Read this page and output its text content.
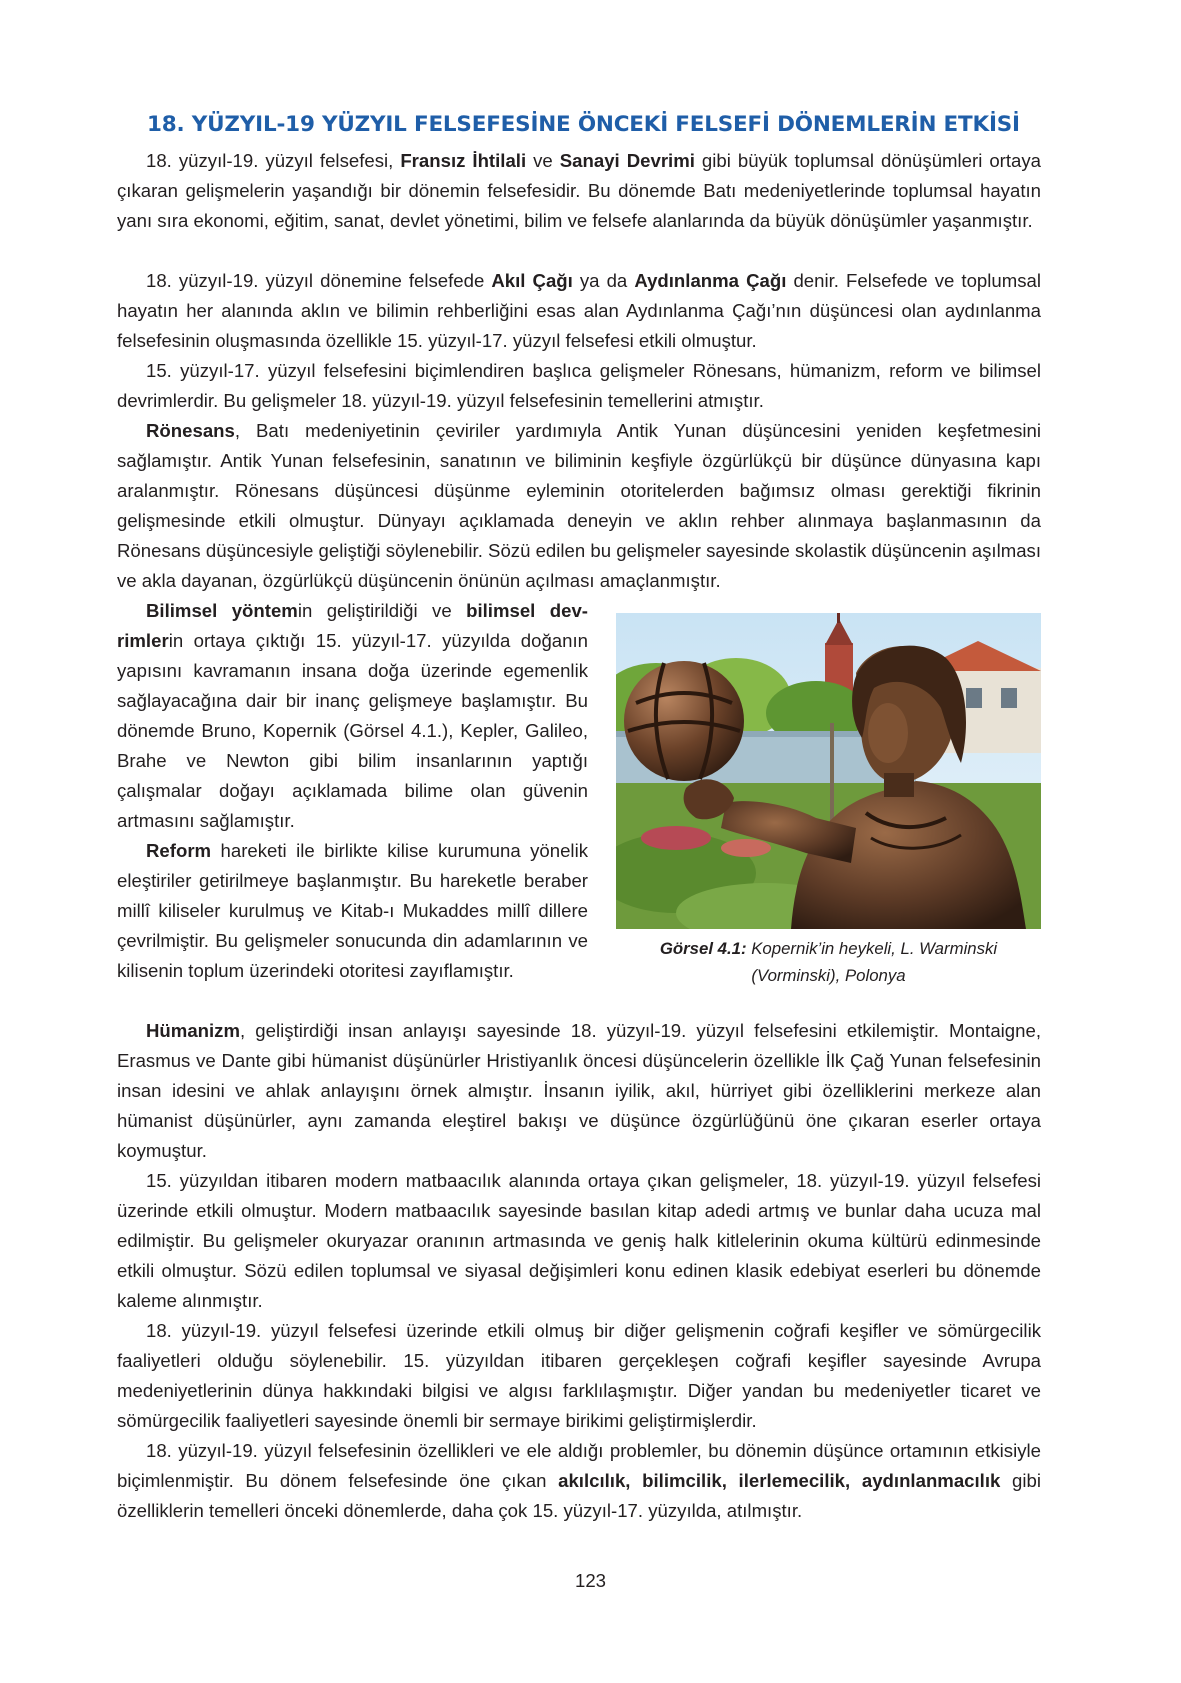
18. YÜZYIL-19 YÜZYIL FELSEFESİNE ÖNCEKİ FELSEFİ DÖNEMLERİN ETKİSİ

18. yüzyıl-19. yüzyıl felsefesi, Fransız İhtilali ve Sanayi Devrimi gibi büyük toplumsal dönüşümleri ortaya çıkaran gelişmelerin yaşandığı bir dönemin felsefesidir. Bu dönemde Batı medeniyetlerinde toplumsal hayatın yanı sıra ekonomi, eğitim, sanat, devlet yönetimi, bilim ve felsefe alanlarında da büyük dönüşümler yaşanmıştır.

18. yüzyıl-19. yüzyıl dönemine felsefede Akıl Çağı ya da Aydınlanma Çağı denir. Felsefede ve toplumsal hayatın her alanında aklın ve bilimin rehberliğini esas alan Aydınlanma Çağı’nın düşüncesi olan aydınlanma felsefesinin oluşmasında özellikle 15. yüzyıl-17. yüzyıl felsefesi etkili olmuştur.

15. yüzyıl-17. yüzyıl felsefesini biçimlendiren başlıca gelişmeler Rönesans, hümanizm, reform ve bilimsel devrimlerdir. Bu gelişmeler 18. yüzyıl-19. yüzyıl felsefesinin temellerini atmıştır.

Rönesans, Batı medeniyetinin çeviriler yardımıyla Antik Yunan düşüncesini yeniden keşfetmesini sağlamıştır. Antik Yunan felsefesinin, sanatının ve biliminin keşfiyle özgürlükçü bir düşünce dünyasına kapı aralanmıştır. Rönesans düşüncesi düşünme eyleminin otoritelerden bağımsız olması gerektiği fikrinin gelişmesinde etkili olmuştur. Dünyayı açıklamada deneyin ve aklın rehber alınmaya başlanmasının da Rönesans düşüncesiyle geliştiği söylenebilir. Sözü edilen bu gelişmeler sayesinde skolastik düşüncenin aşılması ve akla dayanan, özgürlükçü düşüncenin önünün açılması amaçlanmıştır.

Bilimsel yöntemin geliştirildiği ve bilimsel devrimlerin ortaya çıktığı 15. yüzyıl-17. yüzyılda doğanın yapısını kavramanın insana doğa üzerinde egemenlik sağlayacağına dair bir inanç gelişmeye başlamıştır. Bu dönemde Bruno, Kopernik (Görsel 4.1.), Kepler, Galileo, Brahe ve Newton gibi bilim insanlarının yaptığı çalışmalar doğayı açıklamada bilime olan güvenin artmasını sağlamıştır.

Reform hareketi ile birlikte kilise kurumuna yönelik eleştiriler getirilmeye başlanmıştır. Bu hareketle beraber millî kiliseler kurulmuş ve Kitab-ı Mukaddes millî dillere çevrilmiştir. Bu gelişmeler sonucunda din adamlarının ve kilisenin toplum üzerindeki otoritesi zayıflamıştır.

Hümanizm, geliştirdiği insan anlayışı sayesinde 18. yüzyıl-19. yüzyıl felsefesini etkilemiştir. Montaigne, Erasmus ve Dante gibi hümanist düşünürler Hristiyanlık öncesi düşüncelerin özellikle İlk Çağ Yunan felsefesinin insan idesini ve ahlak anlayışını örnek almıştır. İnsanın iyilik, akıl, hürriyet gibi özelliklerini merkeze alan hümanist düşünürler, aynı zamanda eleştirel bakışı ve düşünce özgürlüğünü öne çıkaran eserler ortaya koymuştur.

15. yüzyıldan itibaren modern matbaacılık alanında ortaya çıkan gelişmeler, 18. yüzyıl-19. yüzyıl felsefesi üzerinde etkili olmuştur. Modern matbaacılık sayesinde basılan kitap adedi artmış ve bunlar daha ucuza mal edilmiştir. Bu gelişmeler okuryazar oranının artmasında ve geniş halk kitlelerinin okuma kültürü edinmesinde etkili olmuştur. Sözü edilen toplumsal ve siyasal değişimleri konu edinen klasik edebiyat eserleri bu dönemde kaleme alınmıştır.

18. yüzyıl-19. yüzyıl felsefesi üzerinde etkili olmuş bir diğer gelişmenin coğrafi keşifler ve sömürgecilik faaliyetleri olduğu söylenebilir. 15. yüzyıldan itibaren gerçekleşen coğrafi keşifler sayesinde Avrupa medeniyetlerinin dünya hakkındaki bilgisi ve algısı farklılaşmıştır. Diğer yandan bu medeniyetler ticaret ve sömürgecilik faaliyetleri sayesinde önemli bir sermaye birikimi geliştirmişlerdir.

18. yüzyıl-19. yüzyıl felsefesinin özellikleri ve ele aldığı problemler, bu dönemin düşünce ortamının etkisiyle biçimlenmiştir. Bu dönem felsefesinde öne çıkan akılcılık, bilimcilik, ilerlemecilik, aydınlanmacılık gibi özelliklerin temelleri önceki dönemlerde, daha çok 15. yüzyıl-17. yüzyılda, atılmıştır.

Görsel 4.1: Kopernik’in heykeli, L. Warminski (Vorminski), Polonya

123
